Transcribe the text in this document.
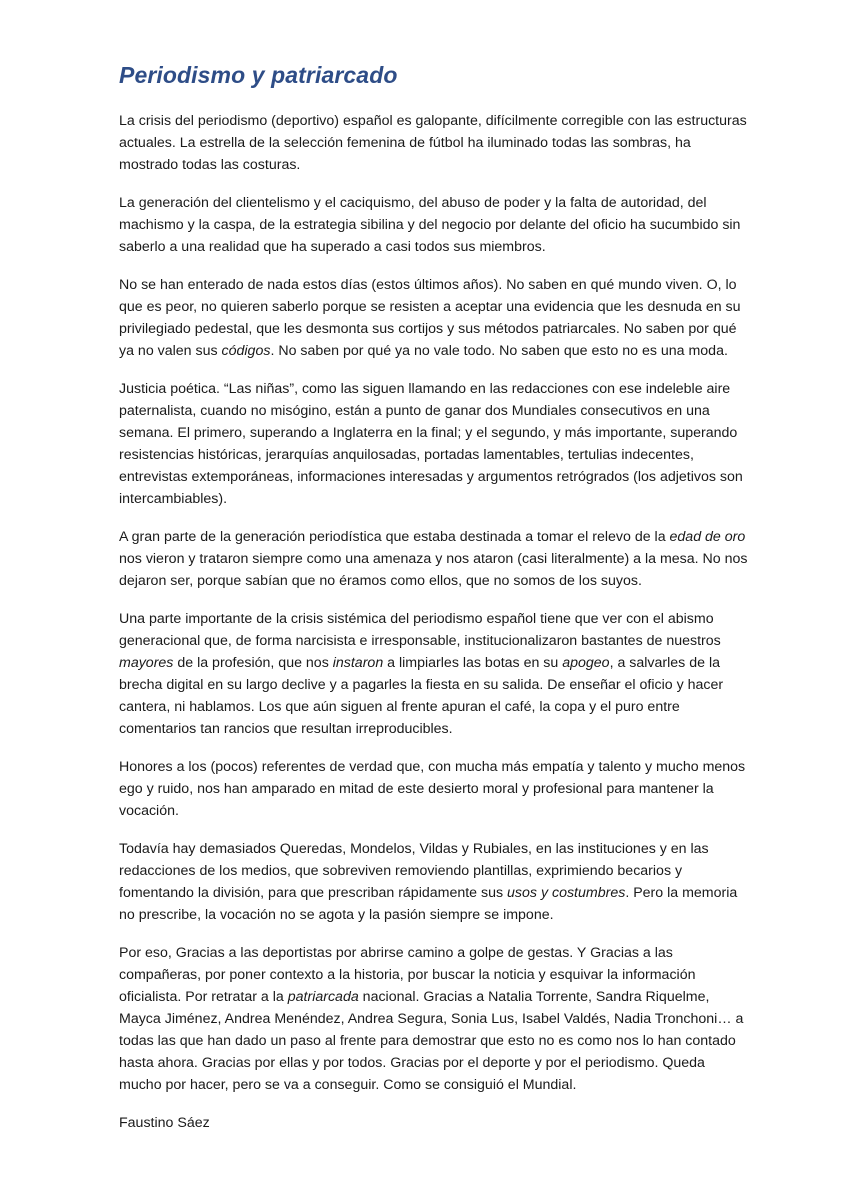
Periodismo y patriarcado

La crisis del periodismo (deportivo) español es galopante, difícilmente corregible con las estructuras actuales. La estrella de la selección femenina de fútbol ha iluminado todas las sombras, ha mostrado todas las costuras.

La generación del clientelismo y el caciquismo, del abuso de poder y la falta de autoridad, del machismo y la caspa, de la estrategia sibilina y del negocio por delante del oficio ha sucumbido sin saberlo a una realidad que ha superado a casi todos sus miembros.

No se han enterado de nada estos días (estos últimos años). No saben en qué mundo viven. O, lo que es peor, no quieren saberlo porque se resisten a aceptar una evidencia que les desnuda en su privilegiado pedestal, que les desmonta sus cortijos y sus métodos patriarcales. No saben por qué ya no valen sus códigos. No saben por qué ya no vale todo. No saben que esto no es una moda.

Justicia poética. “Las niñas”, como las siguen llamando en las redacciones con ese indeleble aire paternalista, cuando no misógino, están a punto de ganar dos Mundiales consecutivos en una semana. El primero, superando a Inglaterra en la final; y el segundo, y más importante, superando resistencias históricas, jerarquías anquilosadas, portadas lamentables, tertulias indecentes, entrevistas extemporáneas, informaciones interesadas y argumentos retrógrados (los adjetivos son intercambiables).

A gran parte de la generación periodística que estaba destinada a tomar el relevo de la edad de oro nos vieron y trataron siempre como una amenaza y nos ataron (casi literalmente) a la mesa. No nos dejaron ser, porque sabían que no éramos como ellos, que no somos de los suyos.

Una parte importante de la crisis sistémica del periodismo español tiene que ver con el abismo generacional que, de forma narcisista e irresponsable, institucionalizaron bastantes de nuestros mayores de la profesión, que nos instaron a limpiarles las botas en su apogeo, a salvarles de la brecha digital en su largo declive y a pagarles la fiesta en su salida. De enseñar el oficio y hacer cantera, ni hablamos. Los que aún siguen al frente apuran el café, la copa y el puro entre comentarios tan rancios que resultan irreproducibles.

Honores a los (pocos) referentes de verdad que, con mucha más empatía y talento y mucho menos ego y ruido, nos han amparado en mitad de este desierto moral y profesional para mantener la vocación.

Todavía hay demasiados Queredas, Mondelos, Vildas y Rubiales, en las instituciones y en las redacciones de los medios, que sobreviven removiendo plantillas, exprimiendo becarios y fomentando la división, para que prescriban rápidamente sus usos y costumbres. Pero la memoria no prescribe, la vocación no se agota y la pasión siempre se impone.

Por eso, Gracias a las deportistas por abrirse camino a golpe de gestas. Y Gracias a las compañeras, por poner contexto a la historia, por buscar la noticia y esquivar la información oficialista. Por retratar a la patriarcada nacional. Gracias a Natalia Torrente, Sandra Riquelme, Mayca Jiménez, Andrea Menéndez, Andrea Segura, Sonia Lus, Isabel Valdés, Nadia Tronchoni… a todas las que han dado un paso al frente para demostrar que esto no es como nos lo han contado hasta ahora. Gracias por ellas y por todos. Gracias por el deporte y por el periodismo. Queda mucho por hacer, pero se va a conseguir. Como se consiguió el Mundial.

Faustino Sáez
